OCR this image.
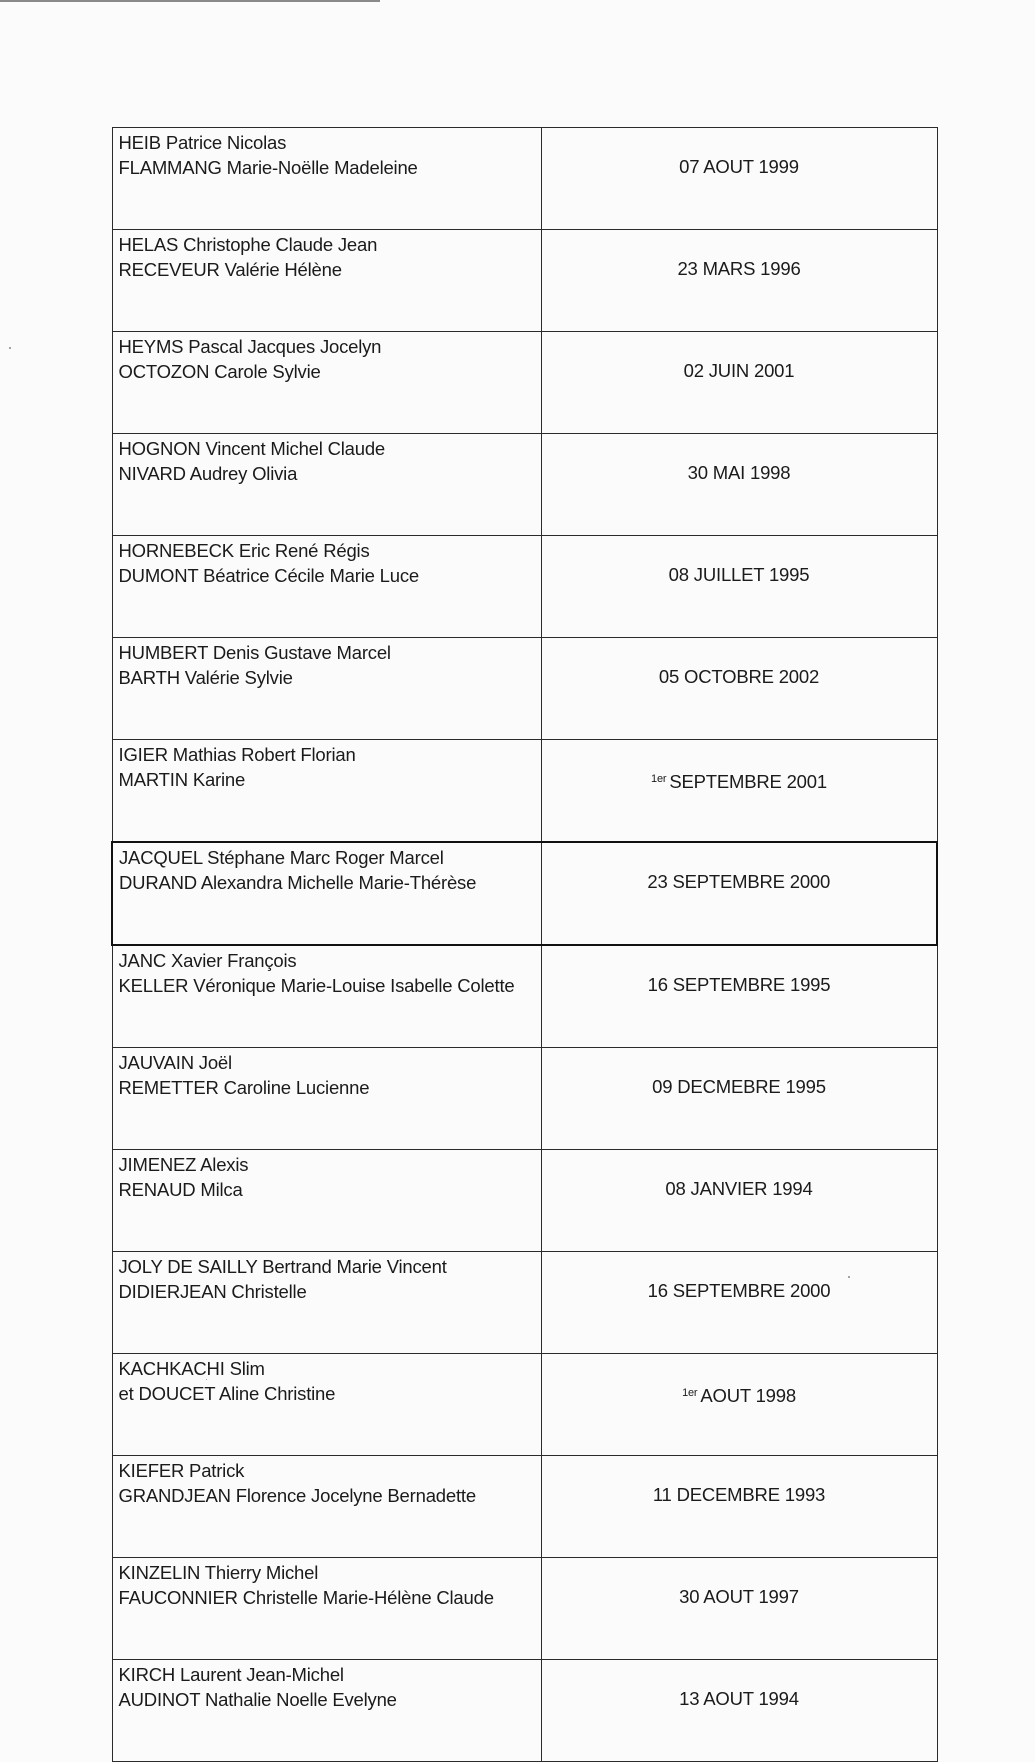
HEIB Patrice Nicolas
FLAMMANG Marie-Noëlle Madeleine	07 AOUT 1999

HELAS Christophe Claude Jean
RECEVEUR Valérie Hélène	23 MARS 1996

HEYMS Pascal Jacques Jocelyn
OCTOZON Carole Sylvie	02 JUIN 2001

HOGNON Vincent Michel Claude
NIVARD Audrey Olivia	30 MAI 1998

HORNEBECK Eric René Régis
DUMONT Béatrice Cécile Marie Luce	08 JUILLET 1995

HUMBERT Denis Gustave Marcel
BARTH Valérie Sylvie	05 OCTOBRE 2002

IGIER Mathias Robert Florian
MARTIN Karine	$^{1er}$ SEPTEMBRE 2001

JACQUEL Stéphane Marc Roger Marcel
DURAND Alexandra Michelle Marie-Thérèse	23 SEPTEMBRE 2000

JANC Xavier François
KELLER Véronique Marie-Louise Isabelle Colette	16 SEPTEMBRE 1995

JAUVAIN Joël
REMETTER Caroline Lucienne	09 DECMEBRE 1995

JIMENEZ Alexis
RENAUD Milca	08 JANVIER 1994

JOLY DE SAILLY Bertrand Marie Vincent
DIDIERJEAN Christelle	16 SEPTEMBRE 2000

KACHKACHI Slim
et DOUCET Aline Christine	$^{1er}$ AOUT 1998

KIEFER Patrick
GRANDJEAN Florence Jocelyne Bernadette	11 DECEMBRE 1993

KINZELIN Thierry Michel
FAUCONNIER Christelle Marie-Hélène Claude	30 AOUT 1997

KIRCH Laurent Jean-Michel
AUDINOT Nathalie Noelle Evelyne	13 AOUT 1994
